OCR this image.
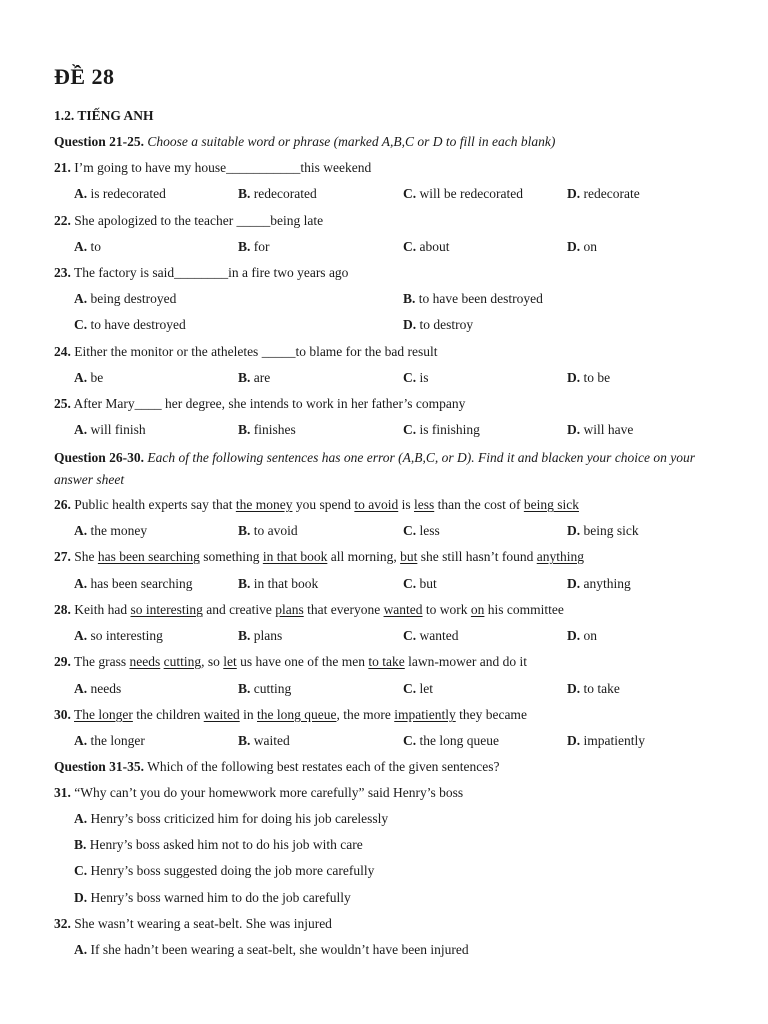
ĐỀ 28
1.2. TIẾNG ANH
Question 21-25. Choose a suitable word or phrase (marked A,B,C or D to fill in each blank)
21. I’m going to have my house___________this weekend
A. is redecorated	B. redecorated	C. will be redecorated	D. redecorate
22. She apologized to the teacher _____being late
A. to	B. for	C. about	D. on
23. The factory is said________in a fire two years ago
A. being destroyed	B. to have been destroyed
C. to have destroyed	D. to destroy
24. Either the monitor or the atheletes _____to blame for the bad result
A. be	B. are	C. is	D. to be
25. After Mary____ her degree, she intends to work in her father’s company
A. will finish	B. finishes	C. is finishing	D. will have
Question 26-30. Each of the following sentences has one error (A,B,C, or D). Find it and blacken your choice on your answer sheet
26. Public health experts say that the money you spend to avoid is less than the cost of being sick
A. the money	B. to avoid	C. less	D. being sick
27. She has been searching something in that book all morning, but she still hasn’t found anything
A. has been searching	B. in that book	C. but	D. anything
28. Keith had so interesting and creative plans that everyone wanted to work on his committee
A. so interesting	B. plans	C. wanted	D. on
29. The grass needs cutting, so let us have one of the men to take lawn-mower and do it
A. needs	B. cutting	C. let	D. to take
30. The longer the children waited in the long queue, the more impatiently they became
A. the longer	B. waited	C. the long queue	D. impatiently
Question 31-35. Which of the following best restates each of the given sentences?
31. “Why can’t you do your homewwork more carefully” said Henry’s boss
A. Henry’s boss criticized him for doing his job carelessly
B. Henry’s boss asked him not to do his job with care
C. Henry’s boss suggested doing the job more carefully
D. Henry’s boss warned him to do the job carefully
32. She wasn’t wearing a seat-belt. She was injured
A. If she hadn’t been wearing a seat-belt, she wouldn’t have been injured
